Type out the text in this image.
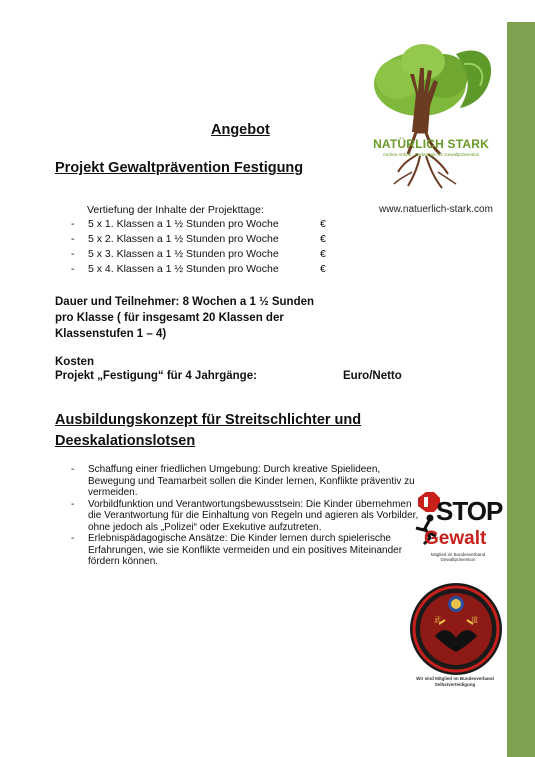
Angebot
Projekt Gewaltprävention Festigung
Vertiefung der Inhalte der Projekttage:
- 5 x 1. Klassen a 1 ½ Stunden pro Woche	€
- 5 x 2. Klassen a 1 ½ Stunden pro Woche	€
- 5 x 3. Klassen a 1 ½ Stunden pro Woche	€
- 5 x 4. Klassen a 1 ½ Stunden pro Woche	€
Dauer und Teilnehmer: 8 Wochen a 1 ½ Sunden
pro Klasse ( für insgesamt 20 Klassen der
Klassenstufen 1 – 4)
Kosten
Projekt „Festigung“ für 4 Jahrgänge:	Euro/Netto
Ausbildungskonzept für Streitschlichter und Deeskalationslotsen
- Schaffung einer friedlichen Umgebung: Durch kreative Spielideen, Bewegung und Teamarbeit sollen die Kinder lernen, Konflikte präventiv zu vermeiden.
- Vorbildfunktion und Verantwortungsbewusstsein: Die Kinder übernehmen die Verantwortung für die Einhaltung von Regeln und agieren als Vorbilder, ohne jedoch als „Polizei“ oder Exekutive aufzutreten.
- Erlebnispädagogische Ansätze: Die Kinder lernen durch spielerische Erfahrungen, wie sie Konflikte vermeiden und ein positives Miteinander fördern können.
NATÜRLICH STARK
Andrea Anhalt · Pädagogin für Gewaltprävention
www.natuerlich-stark.com
STOP
Gewalt
Mitglied im Bundesverband Gewaltprävention
武	道
Wir sind Mitglied im Bundesverband Selbstverteidigung
